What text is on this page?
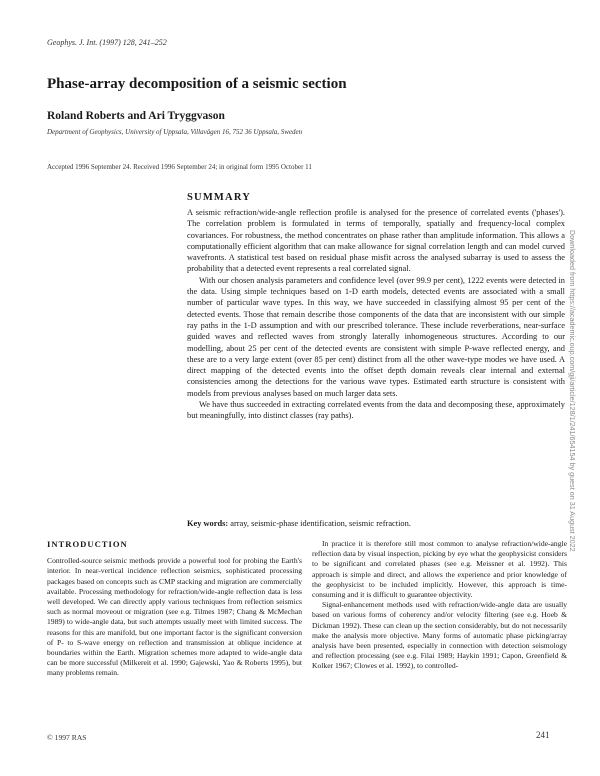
Geophys. J. Int. (1997) 128, 241–252
Phase-array decomposition of a seismic section
Roland Roberts and Ari Tryggvason
Department of Geophysics, University of Uppsala, Villavägen 16, 752 36 Uppsala, Sweden
Accepted 1996 September 24. Received 1996 September 24; in original form 1995 October 11
SUMMARY

A seismic refraction/wide-angle reflection profile is analysed for the presence of correlated events ('phases'). The correlation problem is formulated in terms of temporally, spatially and frequency-local complex covariances. For robustness, the method concentrates on phase rather than amplitude information. This allows a computationally efficient algorithm that can make allowance for signal correlation length and can model curved wavefronts. A statistical test based on residual phase misfit across the analysed subarray is used to assess the probability that a detected event represents a real correlated signal.

With our chosen analysis parameters and confidence level (over 99.9 per cent), 1222 events were detected in the data. Using simple techniques based on 1-D earth models, detected events are associated with a small number of particular wave types. In this way, we have succeeded in classifying almost 95 per cent of the detected events. Those that remain describe those components of the data that are inconsistent with our simple ray paths in the 1-D assumption and with our prescribed tolerance. These include reverberations, near-surface guided waves and reflected waves from strongly laterally inhomogeneous structures. According to our modelling, about 25 per cent of the detected events are consistent with simple P-wave reflected energy, and these are to a very large extent (over 85 per cent) distinct from all the other wave-type modes we have used. A direct mapping of the detected events into the offset depth domain reveals clear internal and external consistencies among the detections for the various wave types. Estimated earth structure is consistent with models from previous analyses based on much larger data sets.

We have thus succeeded in extracting correlated events from the data and decomposing these, approximately but meaningfully, into distinct classes (ray paths).

Key words: array, seismic-phase identification, seismic refraction.
INTRODUCTION

Controlled-source seismic methods provide a powerful tool for probing the Earth's interior. In near-vertical incidence reflection seismics, sophisticated processing packages based on concepts such as CMP stacking and migration are commercially available. Processing methodology for refraction/wide-angle reflection data is less well developed. We can directly apply various techniques from reflection seismics such as normal moveout or migration (see e.g. Tilmes 1987; Chang & McMechan 1989) to wide-angle data, but such attempts usually meet with limited success. The reasons for this are manifold, but one important factor is the significant conversion of P- to S-wave energy on reflection and transmission at oblique incidence at boundaries within the Earth. Migration schemes more adapted to wide-angle data can be more successful (Milkereit et al. 1990; Gajewski, Yao & Roberts 1995), but many problems remain.

In practice it is therefore still most common to analyse refraction/wide-angle reflection data by visual inspection, picking by eye what the geophysicist considers to be significant and correlated phases (see e.g. Meissner et al. 1992). This approach is simple and direct, and allows the experience and prior knowledge of the geophysicist to be included implicitly. However, this approach is time-consuming and it is difficult to guarantee objectivity.

Signal-enhancement methods used with refraction/wide-angle data are usually based on various forms of coherency and/or velocity filtering (see e.g. Hoeb & Dickman 1992). These can clean up the section considerably, but do not necessarily make the analysis more objective. Many forms of automatic phase picking/array analysis have been presented, especially in connection with detection seismology and reflection processing (see e.g. Filai 1989; Haykin 1991; Capon, Greenfield & Kolker 1967; Clowes et al. 1992), to controlled-

© 1997 RAS	241
Downloaded from https://academic.oup.com/gji/article/128/1/241/654154 by guest on 31 August 2022
